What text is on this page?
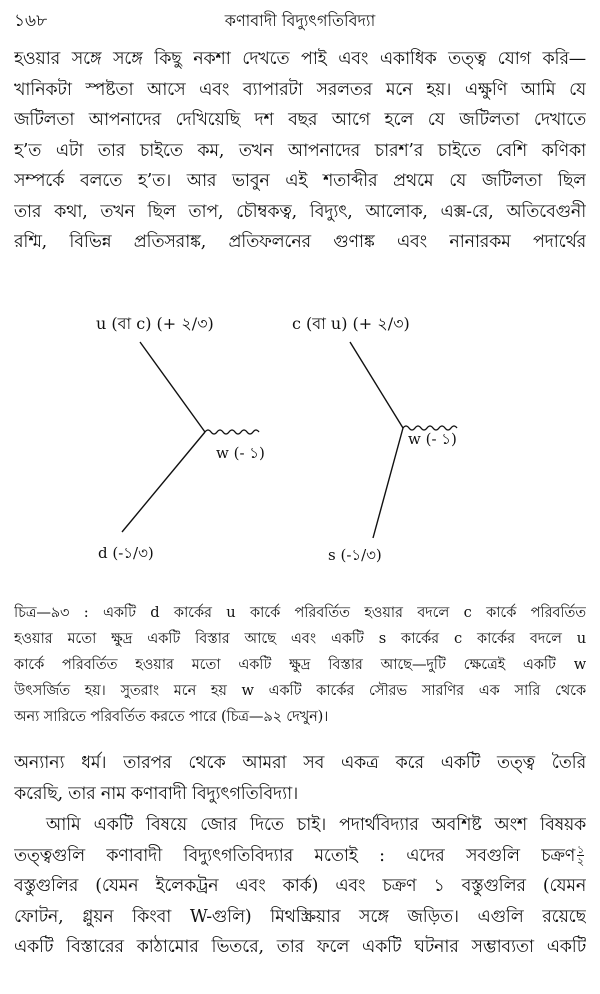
১৬৮	কণাবাদী বিদ্যুৎগতিবিদ্যা
হওয়ার সঙ্গে সঙ্গে কিছু নকশা দেখতে পাই এবং একাধিক তত্ত্ব যোগ করি—
খানিকটা স্পষ্টতা আসে এবং ব্যাপারটা সরলতর মনে হয়। এক্ষুণি আমি যে
জটিলতা আপনাদের দেখিয়েছি দশ বছর আগে হলে যে জটিলতা দেখাতে
হ’ত এটা তার চাইতে কম, তখন আপনাদের চারশ’র চাইতে বেশি কণিকা
সম্পর্কে বলতে হ’ত। আর ভাবুন এই শতাব্দীর প্রথমে যে জটিলতা ছিল
তার কথা, তখন ছিল তাপ, চৌম্বকত্ব, বিদ্যুৎ, আলোক, এক্স-রে, অতিবেগুনী
রশ্মি, বিভিন্ন প্রতিসরাঙ্ক, প্রতিফলনের গুণাঙ্ক এবং নানারকম পদার্থের
u (বা c) (+ ২/৩)
w (- ১)
d (-১/৩)
c (বা u) (+ ২/৩)
w (- ১)
s (-১/৩)
চিত্র—৯৩ : একটি d কার্কের u কার্কে পরিবর্তিত হওয়ার বদলে c কার্কে পরিবর্তিত
হওয়ার মতো ক্ষুদ্র একটি বিস্তার আছে এবং একটি s কার্কের c কার্কের বদলে u
কার্কে পরিবর্তিত হওয়ার মতো একটি ক্ষুদ্র বিস্তার আছে—দুটি ক্ষেত্রেই একটি w
উৎসর্জিত হয়। সুতরাং মনে হয় w একটি কার্কের সৌরভ সারণির এক সারি থেকে
অন্য সারিতে পরিবর্তিত করতে পারে (চিত্র—৯২ দেখুন)।
অন্যান্য ধর্ম। তারপর থেকে আমরা সব একত্র করে একটি তত্ত্ব তৈরি
করেছি, তার নাম কণাবাদী বিদ্যুৎগতিবিদ্যা।
আমি একটি বিষয়ে জোর দিতে চাই। পদার্থবিদ্যার অবশিষ্ট অংশ বিষয়ক
তত্ত্বগুলি কণাবাদী বিদ্যুৎগতিবিদ্যার মতোই : এদের সবগুলি চক্রণ $\frac{১}{২}$
বস্তুগুলির (যেমন ইলেকট্রন এবং কার্ক) এবং চক্রণ ১ বস্তুগুলির (যেমন
ফোটন, গ্লুয়ন কিংবা W-গুলি) মিথস্ক্রিয়ার সঙ্গে জড়িত। এগুলি রয়েছে
একটি বিস্তারের কাঠামোর ভিতরে, তার ফলে একটি ঘটনার সম্ভাব্যতা একটি
